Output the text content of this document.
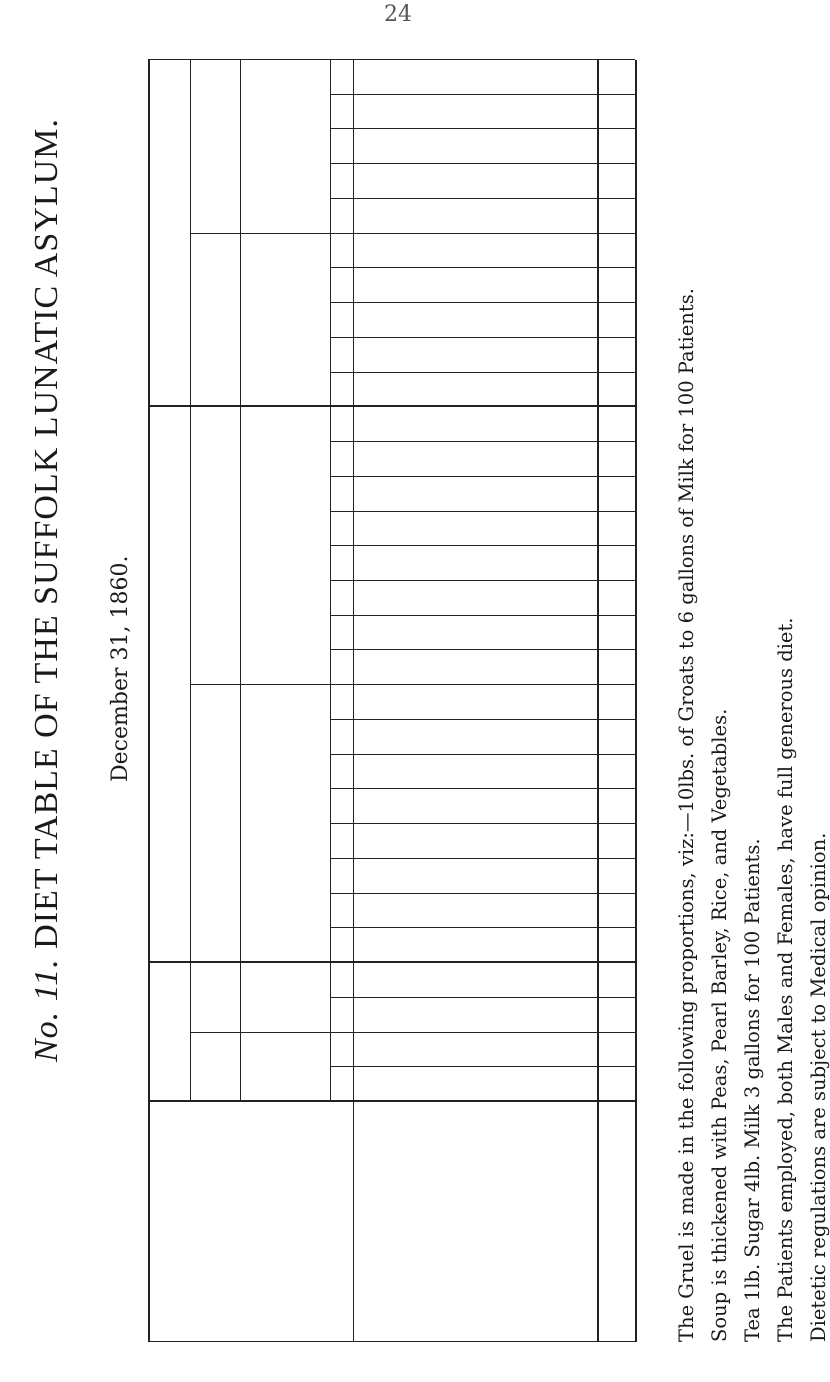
24
No. 11. DIET TABLE OF THE SUFFOLK LUNATIC ASYLUM. December 31, 1860.	The Gruel is made in the following proportions, viz:—10lbs. of Groats to 6 gallons of Milk for 100 Patients. Soup is thickened with Peas, Pearl Barley, Rice, and Vegetables. Tea 1lb. Sugar 4lb. Milk 3 gallons for 100 Patients. The Patients employed, both Males and Females, have full generous diet. Dietetic regulations are subject to Medical opinion.
